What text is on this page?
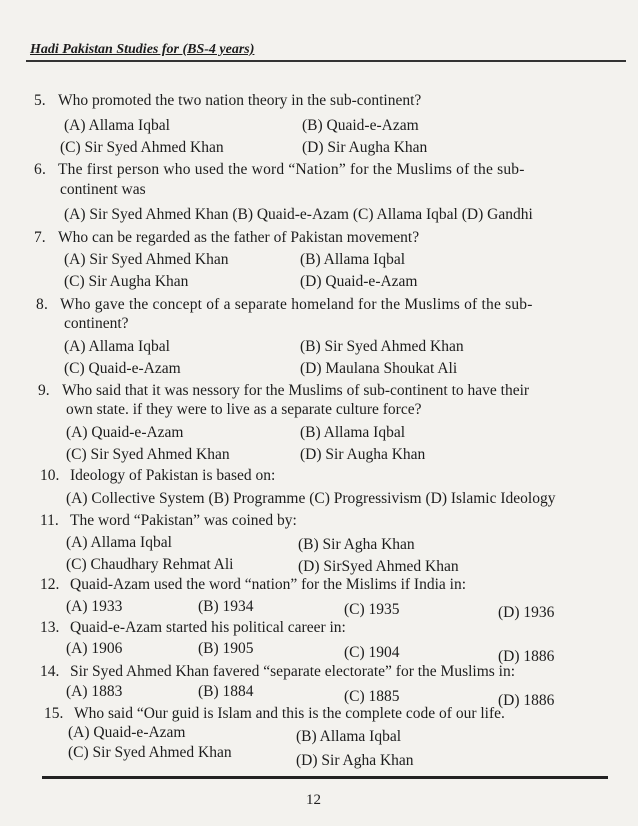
Hadi Pakistan Studies for (BS-4 years)
5. Who promoted the two nation theory in the sub-continent?
(A) Allama Iqbal	(B) Quaid-e-Azam
(C) Sir Syed Ahmed Khan	(D) Sir Augha Khan
6. The first person who used the word “Nation” for the Muslims of the sub-
continent was
(A) Sir Syed Ahmed Khan (B) Quaid-e-Azam (C) Allama Iqbal (D) Gandhi
7. Who can be regarded as the father of Pakistan movement?
(A) Sir Syed Ahmed Khan	(B) Allama Iqbal
(C) Sir Augha Khan	(D) Quaid-e-Azam
8. Who gave the concept of a separate homeland for the Muslims of the sub-
continent?
(A) Allama Iqbal	(B) Sir Syed Ahmed Khan
(C) Quaid-e-Azam	(D) Maulana Shoukat Ali
9. Who said that it was nessory for the Muslims of sub-continent to have their
own state. if they were to live as a separate culture force?
(A) Quaid-e-Azam	(B) Allama Iqbal
(C) Sir Syed Ahmed Khan	(D) Sir Augha Khan
10. Ideology of Pakistan is based on:
(A) Collective System (B) Programme (C) Progressivism (D) Islamic Ideology
11. The word “Pakistan” was coined by:
(A) Allama Iqbal	(B) Sir Agha Khan
(C) Chaudhary Rehmat Ali	(D) SirSyed Ahmed Khan
12. Quaid-Azam used the word “nation” for the Mislims if India in:
(A) 1933	(B) 1934	(C) 1935	(D) 1936
13. Quaid-e-Azam started his political career in:
(A) 1906	(B) 1905	(C) 1904	(D) 1886
14. Sir Syed Ahmed Khan favered “separate electorate” for the Muslims in:
(A) 1883	(B) 1884	(C) 1885	(D) 1886
15. Who said “Our guid is Islam and this is the complete code of our life.
(A) Quaid-e-Azam	(B) Allama Iqbal
(C) Sir Syed Ahmed Khan	(D) Sir Agha Khan
12
